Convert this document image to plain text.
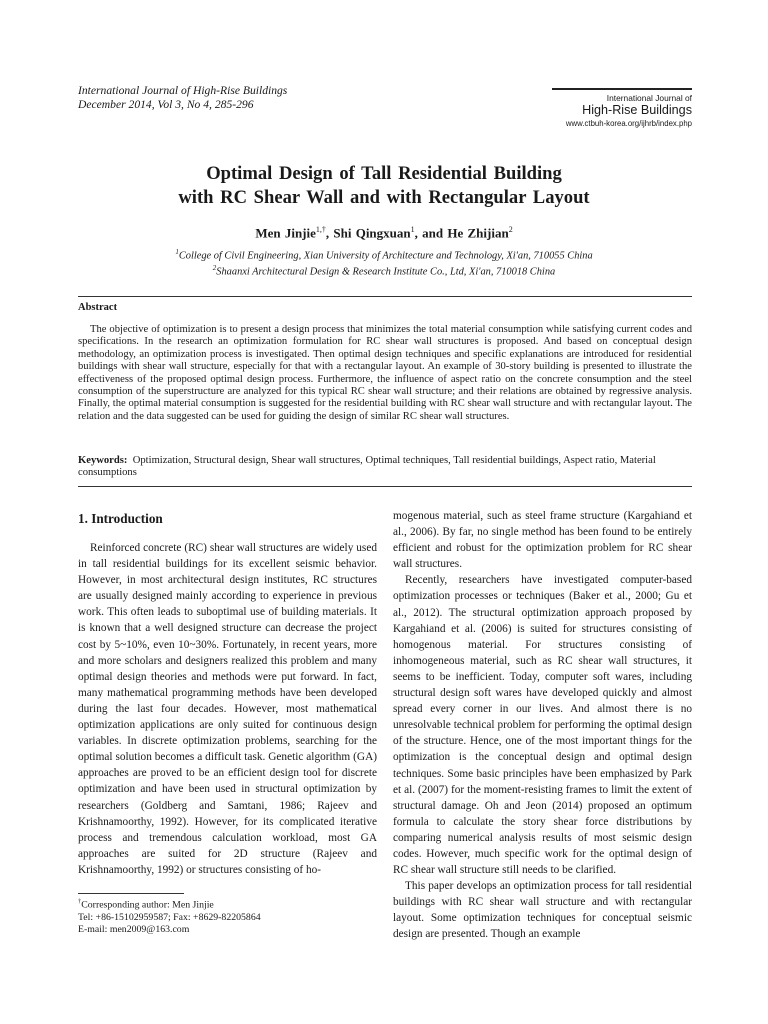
International Journal of High-Rise Buildings
December 2014, Vol 3, No 4, 285-296	International Journal of
High-Rise Buildings
www.ctbuh-korea.org/ijhrb/index.php
Optimal Design of Tall Residential Building
with RC Shear Wall and with Rectangular Layout
Men Jinjie$^{1,\dagger}$, Shi Qingxuan$^1$, and He Zhijian$^2$
$^1$College of Civil Engineering, Xian University of Architecture and Technology, Xi'an, 710055 China
$^2$Shaanxi Architectural Design & Research Institute Co., Ltd, Xi'an, 710018 China
Abstract

The objective of optimization is to present a design process that minimizes the total material consumption while satisfying current codes and specifications. In the research an optimization formulation for RC shear wall structures is proposed. And based on conceptual design methodology, an optimization process is investigated. Then optimal design techniques and specific explanations are introduced for residential buildings with shear wall structure, especially for that with a rectangular layout. An example of 30-story building is presented to illustrate the effectiveness of the proposed optimal design process. Furthermore, the influence of aspect ratio on the concrete consumption and the steel consumption of the superstructure are analyzed for this typical RC shear wall structure; and their relations are obtained by regressive analysis. Finally, the optimal material consumption is suggested for the residential building with RC shear wall structure and with rectangular layout. The relation and the data suggested can be used for guiding the design of similar RC shear wall structures.

Keywords: Optimization, Structural design, Shear wall structures, Optimal techniques, Tall residential buildings, Aspect ratio, Material consumptions

1. Introduction

Reinforced concrete (RC) shear wall structures are widely used in tall residential buildings for its excellent seismic behavior. However, in most architectural design institutes, RC structures are usually designed mainly according to experience in previous work. This often leads to suboptimal use of building materials. It is known that a well designed structure can decrease the project cost by 5~10%, even 10~30%. Fortunately, in recent years, more and more scholars and designers realized this problem and many optimal design theories and methods were put forward. In fact, many mathematical programming methods have been developed during the last four decades. However, most mathematical optimization applications are only suited for continuous design variables. In discrete optimization problems, searching for the optimal solution becomes a difficult task. Genetic algorithm (GA) approaches are proved to be an efficient design tool for discrete optimization and have been used in structural optimization by researchers (Goldberg and Samtani, 1986; Rajeev and Krishnamoorthy, 1992). However, for its complicated iterative process and tremendous calculation workload, most GA approaches are suited for 2D structure (Rajeev and Krishnamoorthy, 1992) or structures consisting of ho-

mogenous material, such as steel frame structure (Kargahiand et al., 2006). By far, no single method has been found to be entirely efficient and robust for the optimization problem for RC shear wall structures.
Recently, researchers have investigated computer-based optimization processes or techniques (Baker et al., 2000; Gu et al., 2012). The structural optimization approach proposed by Kargahiand et al. (2006) is suited for structures consisting of homogenous material. For structures consisting of inhomogeneous material, such as RC shear wall structures, it seems to be inefficient. Today, computer soft wares, including structural design soft wares have developed quickly and almost spread every corner in our lives. And almost there is no unresolvable technical problem for performing the optimal design of the structure. Hence, one of the most important things for the optimization is the conceptual design and optimal design techniques. Some basic principles have been emphasized by Park et al. (2007) for the moment-resisting frames to limit the extent of structural damage. Oh and Jeon (2014) proposed an optimum formula to calculate the story shear force distributions by comparing numerical analysis results of most seismic design codes. However, much specific work for the optimal design of RC shear wall structure still needs to be clarified.
This paper develops an optimization process for tall residential buildings with RC shear wall structure and with rectangular layout. Some optimization techniques for conceptual seismic design are presented. Though an example
†Corresponding author: Men Jinjie
Tel: +86-15102959587; Fax: +8629-82205864
E-mail: men2009@163.com
